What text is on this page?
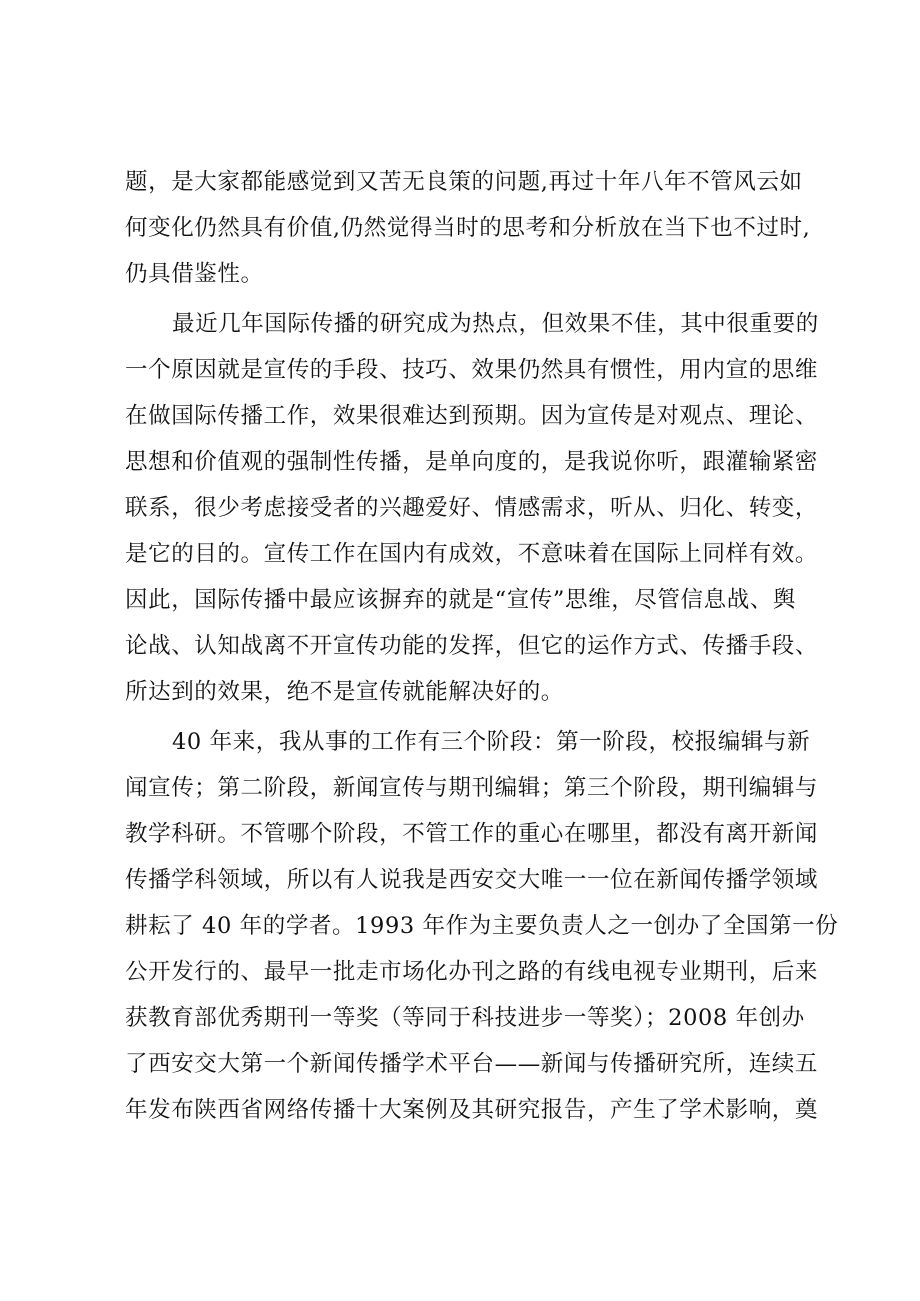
题，是大家都能感觉到又苦无良策的问题,再过十年八年不管风云如
何变化仍然具有价值,仍然觉得当时的思考和分析放在当下也不过时,
仍具借鉴性。
最近几年国际传播的研究成为热点，但效果不佳，其中很重要的
一个原因就是宣传的手段、技巧、效果仍然具有惯性，用内宣的思维
在做国际传播工作，效果很难达到预期。因为宣传是对观点、理论、
思想和价值观的强制性传播，是单向度的，是我说你听，跟灌输紧密
联系，很少考虑接受者的兴趣爱好、情感需求，听从、归化、转变，
是它的目的。宣传工作在国内有成效，不意味着在国际上同样有效。
因此，国际传播中最应该摒弃的就是“宣传”思维，尽管信息战、舆
论战、认知战离不开宣传功能的发挥，但它的运作方式、传播手段、
所达到的效果，绝不是宣传就能解决好的。
40 年来，我从事的工作有三个阶段：第一阶段，校报编辑与新
闻宣传；第二阶段，新闻宣传与期刊编辑；第三个阶段，期刊编辑与
教学科研。不管哪个阶段，不管工作的重心在哪里，都没有离开新闻
传播学科领域，所以有人说我是西安交大唯一一位在新闻传播学领域
耕耘了 40 年的学者。1993 年作为主要负责人之一创办了全国第一份
公开发行的、最早一批走市场化办刊之路的有线电视专业期刊，后来
获教育部优秀期刊一等奖（等同于科技进步一等奖）；2008 年创办
了西安交大第一个新闻传播学术平台——新闻与传播研究所，连续五
年发布陕西省网络传播十大案例及其研究报告，产生了学术影响，奠
